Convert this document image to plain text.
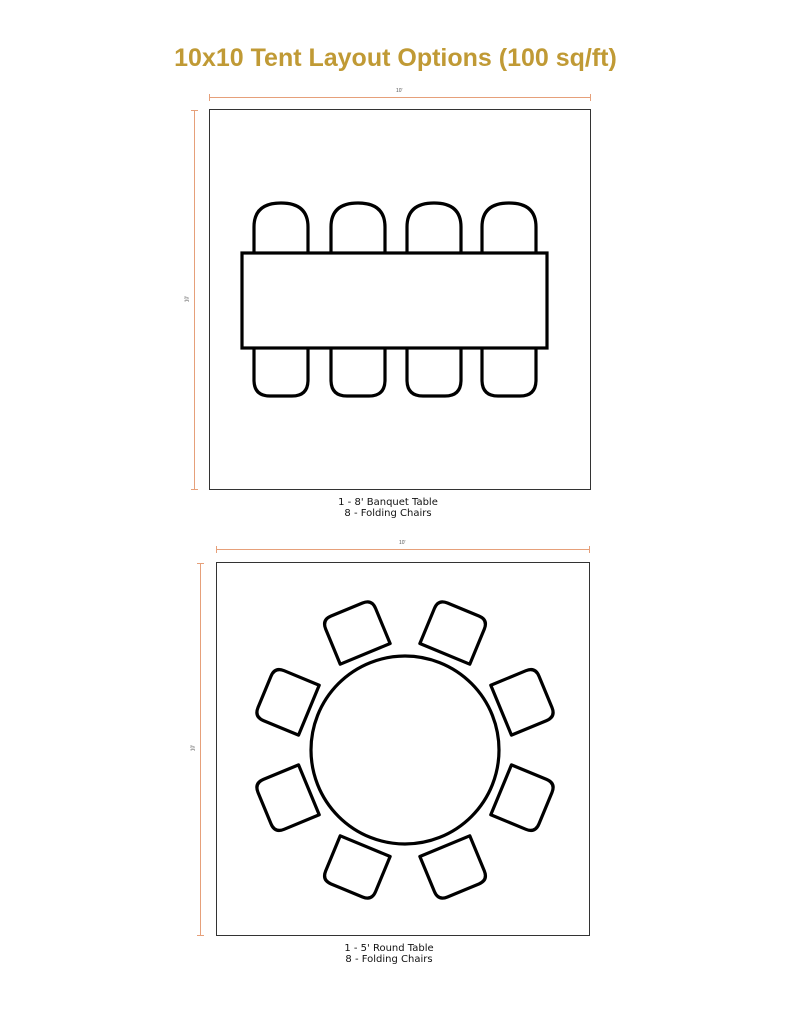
10x10 Tent Layout Options (100 sq/ft)
10'
10'
1 - 8' Banquet Table
8 - Folding Chairs
10'
10'
1 - 5' Round Table
8 - Folding Chairs
